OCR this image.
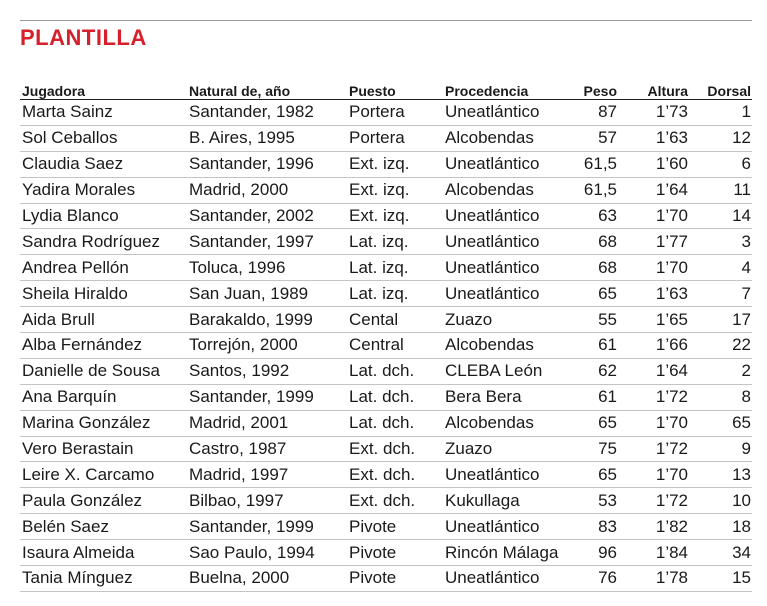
PLANTILLA
Jugadora	Natural de, año	Puesto	Procedencia	Peso	Altura	Dorsal
Marta Sainz	Santander, 1982	Portera	Uneatlántico	87	1’73	1
Sol Ceballos	B. Aires, 1995	Portera	Alcobendas	57	1’63	12
Claudia Saez	Santander, 1996	Ext. izq.	Uneatlántico	61,5	1’60	6
Yadira Morales	Madrid, 2000	Ext. izq.	Alcobendas	61,5	1’64	11
Lydia Blanco	Santander, 2002	Ext. izq.	Uneatlántico	63	1’70	14
Sandra Rodríguez	Santander, 1997	Lat. izq.	Uneatlántico	68	1’77	3
Andrea Pellón	Toluca, 1996	Lat. izq.	Uneatlántico	68	1’70	4
Sheila Hiraldo	San Juan, 1989	Lat. izq.	Uneatlántico	65	1’63	7
Aida Brull	Barakaldo, 1999	Cental	Zuazo	55	1’65	17
Alba Fernández	Torrejón, 2000	Central	Alcobendas	61	1’66	22
Danielle de Sousa	Santos, 1992	Lat. dch.	CLEBA León	62	1’64	2
Ana Barquín	Santander, 1999	Lat. dch.	Bera Bera	61	1’72	8
Marina González	Madrid, 2001	Lat. dch.	Alcobendas	65	1’70	65
Vero Berastain	Castro, 1987	Ext. dch.	Zuazo	75	1’72	9
Leire X. Carcamo	Madrid, 1997	Ext. dch.	Uneatlántico	65	1’70	13
Paula González	Bilbao, 1997	Ext. dch.	Kukullaga	53	1’72	10
Belén Saez	Santander, 1999	Pivote	Uneatlántico	83	1’82	18
Isaura Almeida	Sao Paulo, 1994	Pivote	Rincón Málaga	96	1’84	34
Tania Mínguez	Buelna, 2000	Pivote	Uneatlántico	76	1’78	15
